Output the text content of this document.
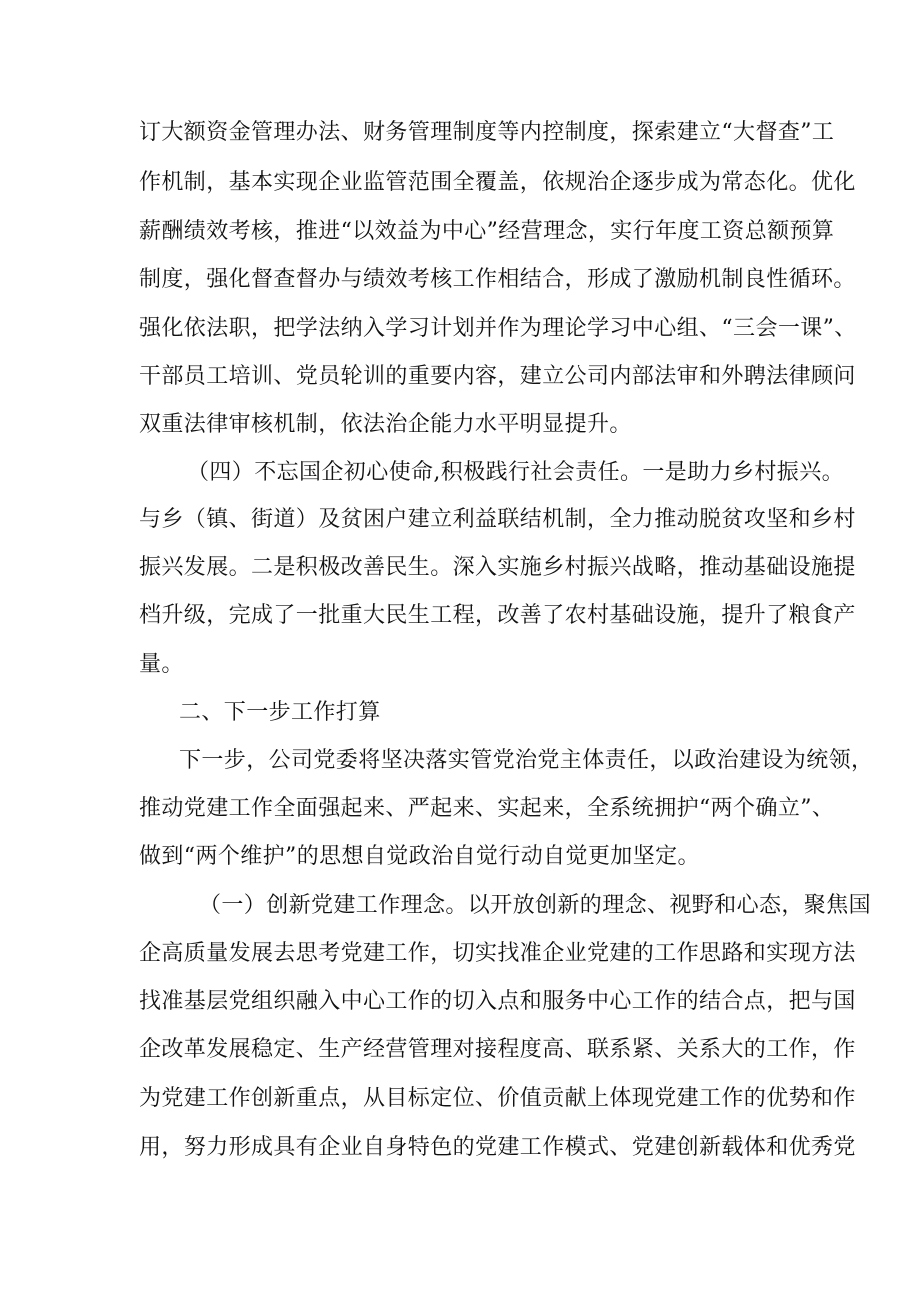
订大额资金管理办法、财务管理制度等内控制度，探索建立“大督查”工
作机制，基本实现企业监管范围全覆盖，依规治企逐步成为常态化。优化
薪酬绩效考核，推进“以效益为中心”经营理念，实行年度工资总额预算
制度，强化督查督办与绩效考核工作相结合，形成了激励机制良性循环。
强化依法职，把学法纳入学习计划并作为理论学习中心组、“三会一课”、
干部员工培训、党员轮训的重要内容，建立公司内部法审和外聘法律顾问
双重法律审核机制，依法治企能力水平明显提升。
（四）不忘国企初心使命,积极践行社会责任。一是助力乡村振兴。
与乡（镇、街道）及贫困户建立利益联结机制，全力推动脱贫攻坚和乡村
振兴发展。二是积极改善民生。深入实施乡村振兴战略，推动基础设施提
档升级，完成了一批重大民生工程，改善了农村基础设施，提升了粮食产
量。
二、下一步工作打算
下一步，公司党委将坚决落实管党治党主体责任，以政治建设为统领，
推动党建工作全面强起来、严起来、实起来，全系统拥护“两个确立”、
做到“两个维护”的思想自觉政治自觉行动自觉更加坚定。
（一）创新党建工作理念。以开放创新的理念、视野和心态，聚焦国
企高质量发展去思考党建工作，切实找准企业党建的工作思路和实现方法
找准基层党组织融入中心工作的切入点和服务中心工作的结合点，把与国
企改革发展稳定、生产经营管理对接程度高、联系紧、关系大的工作，作
为党建工作创新重点，从目标定位、价值贡献上体现党建工作的优势和作
用，努力形成具有企业自身特色的党建工作模式、党建创新载体和优秀党
